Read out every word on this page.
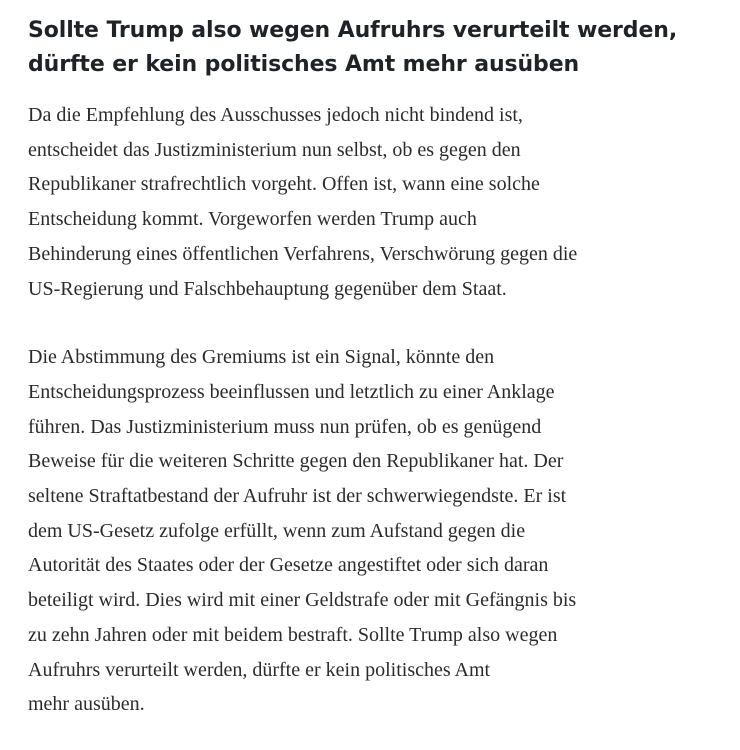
Sollte Trump also wegen Aufruhrs verurteilt werden,
dürfte er kein politisches Amt mehr ausüben

Da die Empfehlung des Ausschusses jedoch nicht bindend ist,
entscheidet das Justizministerium nun selbst, ob es gegen den
Republikaner strafrechtlich vorgeht. Offen ist, wann eine solche
Entscheidung kommt. Vorgeworfen werden Trump auch
Behinderung eines öffentlichen Verfahrens, Verschwörung gegen die
US-Regierung und Falschbehauptung gegenüber dem Staat.

Die Abstimmung des Gremiums ist ein Signal, könnte den
Entscheidungsprozess beeinflussen und letztlich zu einer Anklage
führen. Das Justizministerium muss nun prüfen, ob es genügend
Beweise für die weiteren Schritte gegen den Republikaner hat. Der
seltene Straftatbestand der Aufruhr ist der schwerwiegendste. Er ist
dem US-Gesetz zufolge erfüllt, wenn zum Aufstand gegen die
Autorität des Staates oder der Gesetze angestiftet oder sich daran
beteiligt wird. Dies wird mit einer Geldstrafe oder mit Gefängnis bis
zu zehn Jahren oder mit beidem bestraft. Sollte Trump also wegen
Aufruhrs verurteilt werden, dürfte er kein politisches Amt
mehr ausüben.
